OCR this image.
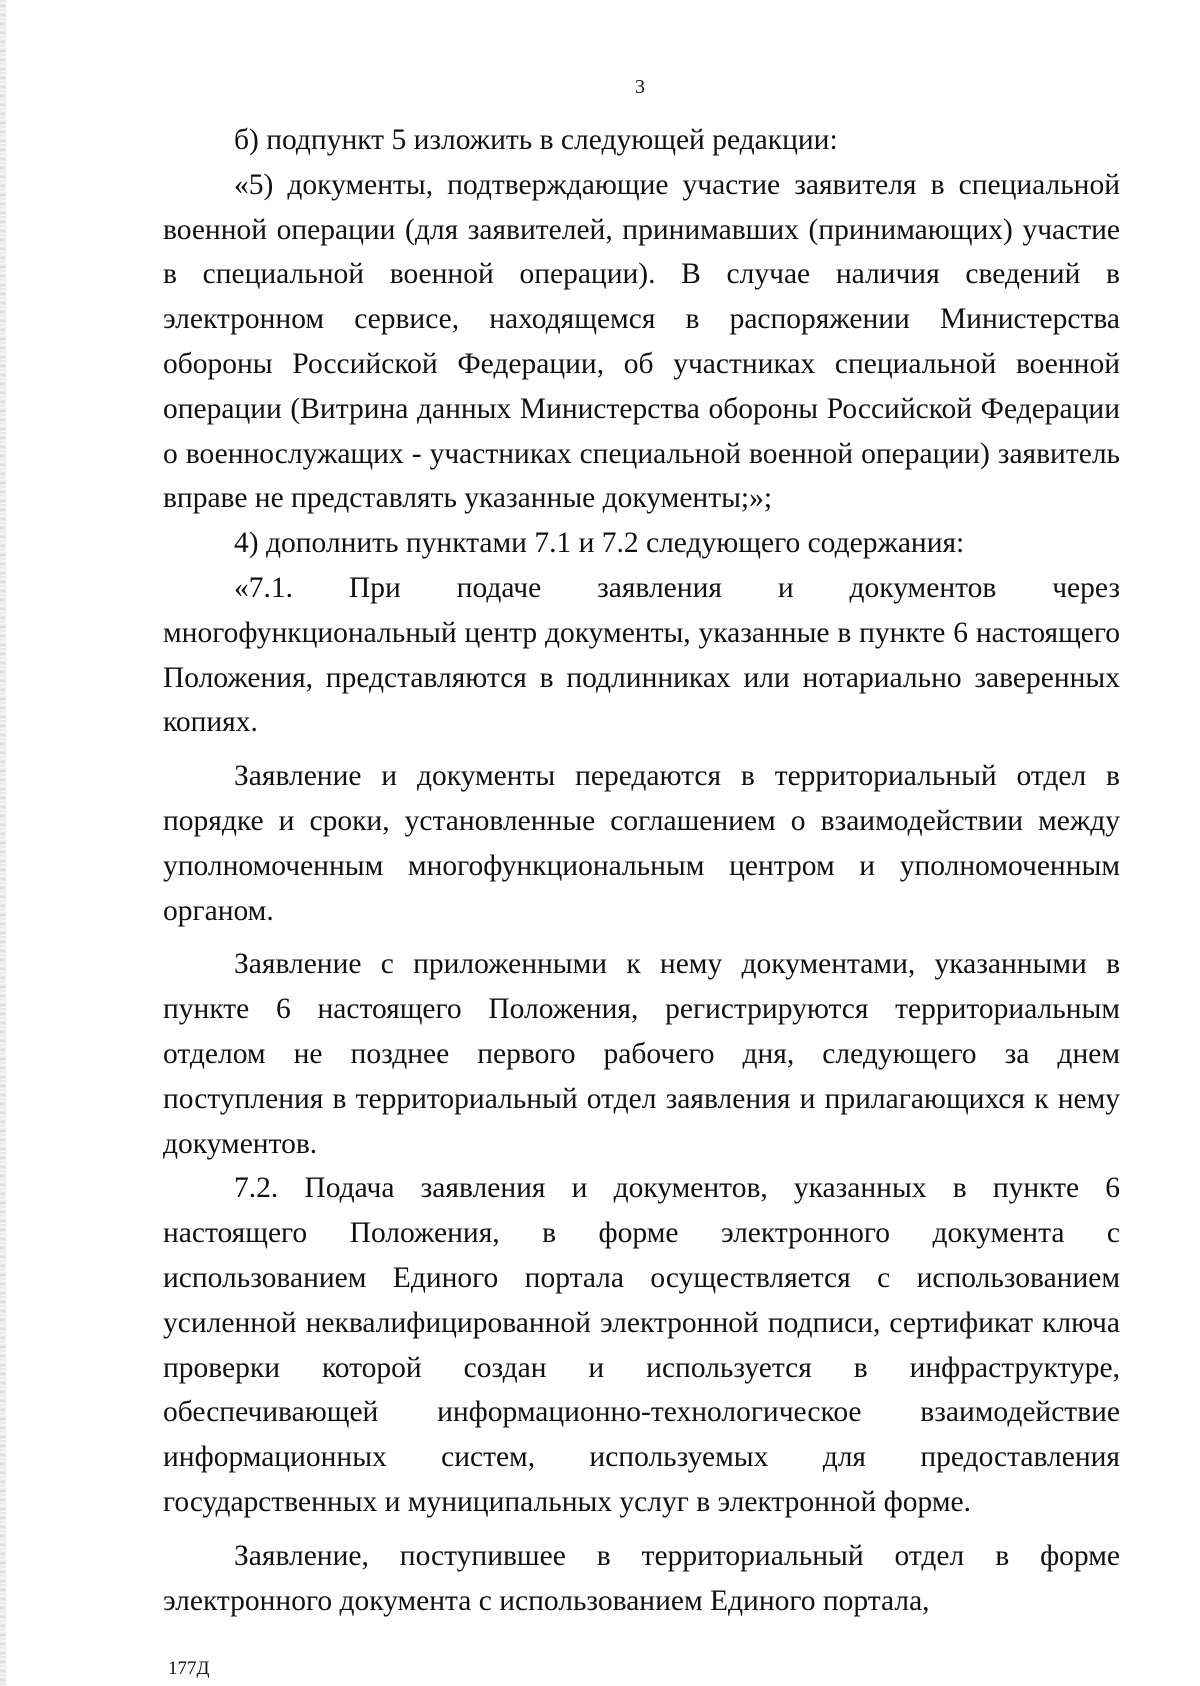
3

б) подпункт 5 изложить в следующей редакции:

«5) документы, подтверждающие участие заявителя в специальной военной операции (для заявителей, принимавших (принимающих) участие в специальной военной операции). В случае наличия сведений в электронном сервисе, находящемся в распоряжении Министерства обороны Российской Федерации, об участниках специальной военной операции (Витрина данных Министерства обороны Российской Федерации о военнослужащих - участниках специальной военной операции) заявитель вправе не представлять указанные документы;»;

4) дополнить пунктами 7.1 и 7.2 следующего содержания:

«7.1. При подаче заявления и документов через многофункциональный центр документы, указанные в пункте 6 настоящего Положения, представляются в подлинниках или нотариально заверенных копиях.

Заявление и документы передаются в территориальный отдел в порядке и сроки, установленные соглашением о взаимодействии между уполномоченным многофункциональным центром и уполномоченным органом.

Заявление с приложенными к нему документами, указанными в пункте 6 настоящего Положения, регистрируются территориальным отделом не позднее первого рабочего дня, следующего за днем поступления в территориальный отдел заявления и прилагающихся к нему документов.

7.2. Подача заявления и документов, указанных в пункте 6 настоящего Положения, в форме электронного документа с использованием Единого портала осуществляется с использованием усиленной неквалифицированной электронной подписи, сертификат ключа проверки которой создан и используется в инфраструктуре, обеспечивающей информационно-технологическое взаимодействие информационных систем, используемых для предоставления государственных и муниципальных услуг в электронной форме.

Заявление, поступившее в территориальный отдел в форме электронного документа с использованием Единого портала,

177Д
